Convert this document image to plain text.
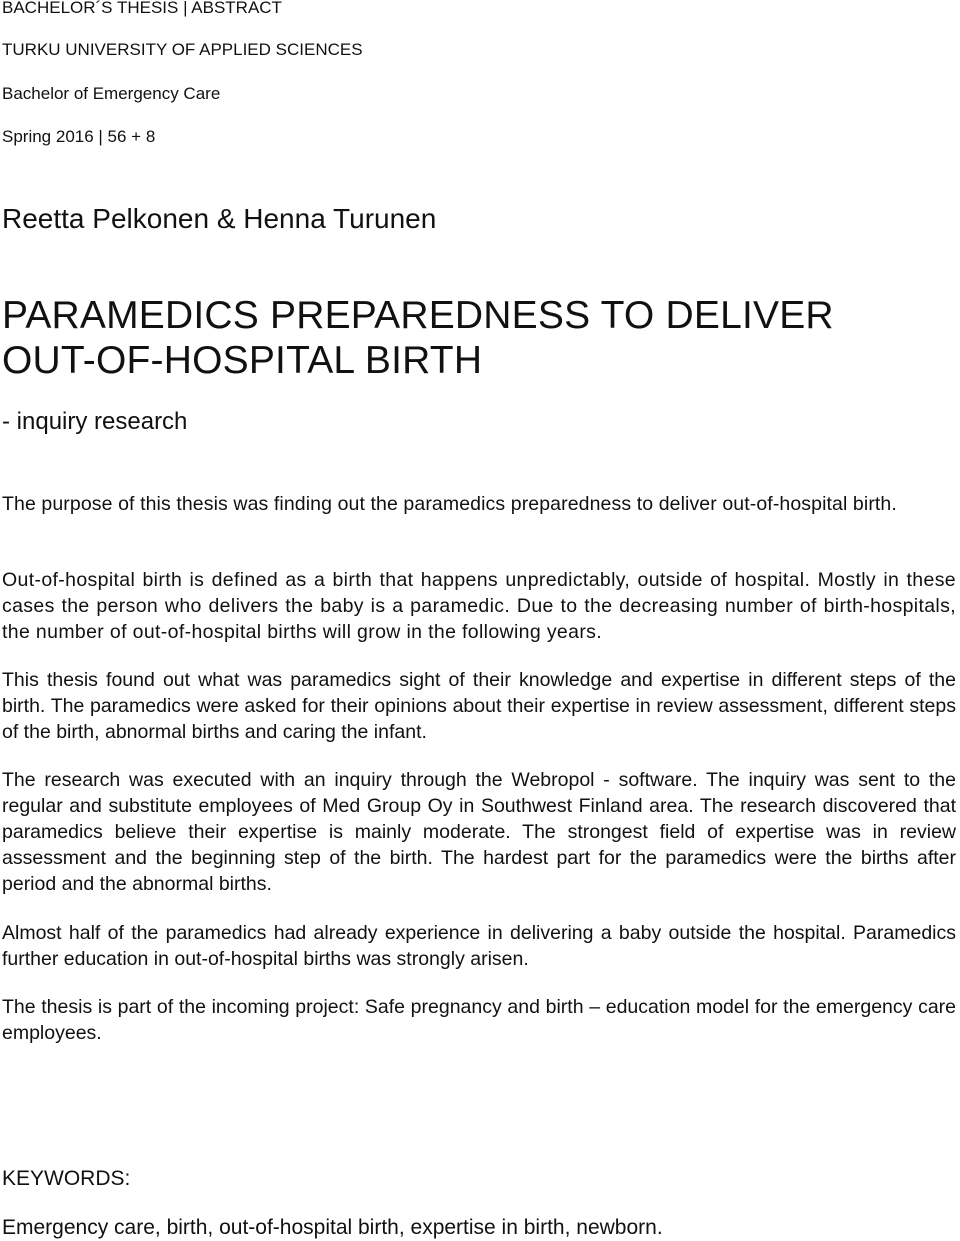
BACHELOR´S THESIS | ABSTRACT

TURKU UNIVERSITY OF APPLIED SCIENCES

Bachelor of Emergency Care

Spring 2016 | 56 + 8

Reetta Pelkonen & Henna Turunen

PARAMEDICS PREPAREDNESS TO DELIVER
OUT-OF-HOSPITAL BIRTH

- inquiry research

The purpose of this thesis was finding out the paramedics preparedness to deliver out-of-hospital birth.

Out-of-hospital birth is defined as a birth that happens unpredictably, outside of hospital. Mostly in these cases the person who delivers the baby is a paramedic. Due to the decreasing number of birth-hospitals, the number of out-of-hospital births will grow in the following years.

This thesis found out what was paramedics sight of their knowledge and expertise in different steps of the birth. The paramedics were asked for their opinions about their expertise in review assessment, different steps of the birth, abnormal births and caring the infant.

The research was executed with an inquiry through the Webropol - software. The inquiry was sent to the regular and substitute employees of Med Group Oy in Southwest Finland area. The research discovered that paramedics believe their expertise is mainly moderate. The strongest field of expertise was in review assessment and the beginning step of the birth. The hardest part for the paramedics were the births after period and the abnormal births.

Almost half of the paramedics had already experience in delivering a baby outside the hospital. Paramedics further education in out-of-hospital births was strongly arisen.

The thesis is part of the incoming project: Safe pregnancy and birth – education model for the emergency care employees.

KEYWORDS:

Emergency care, birth, out-of-hospital birth, expertise in birth, newborn.
